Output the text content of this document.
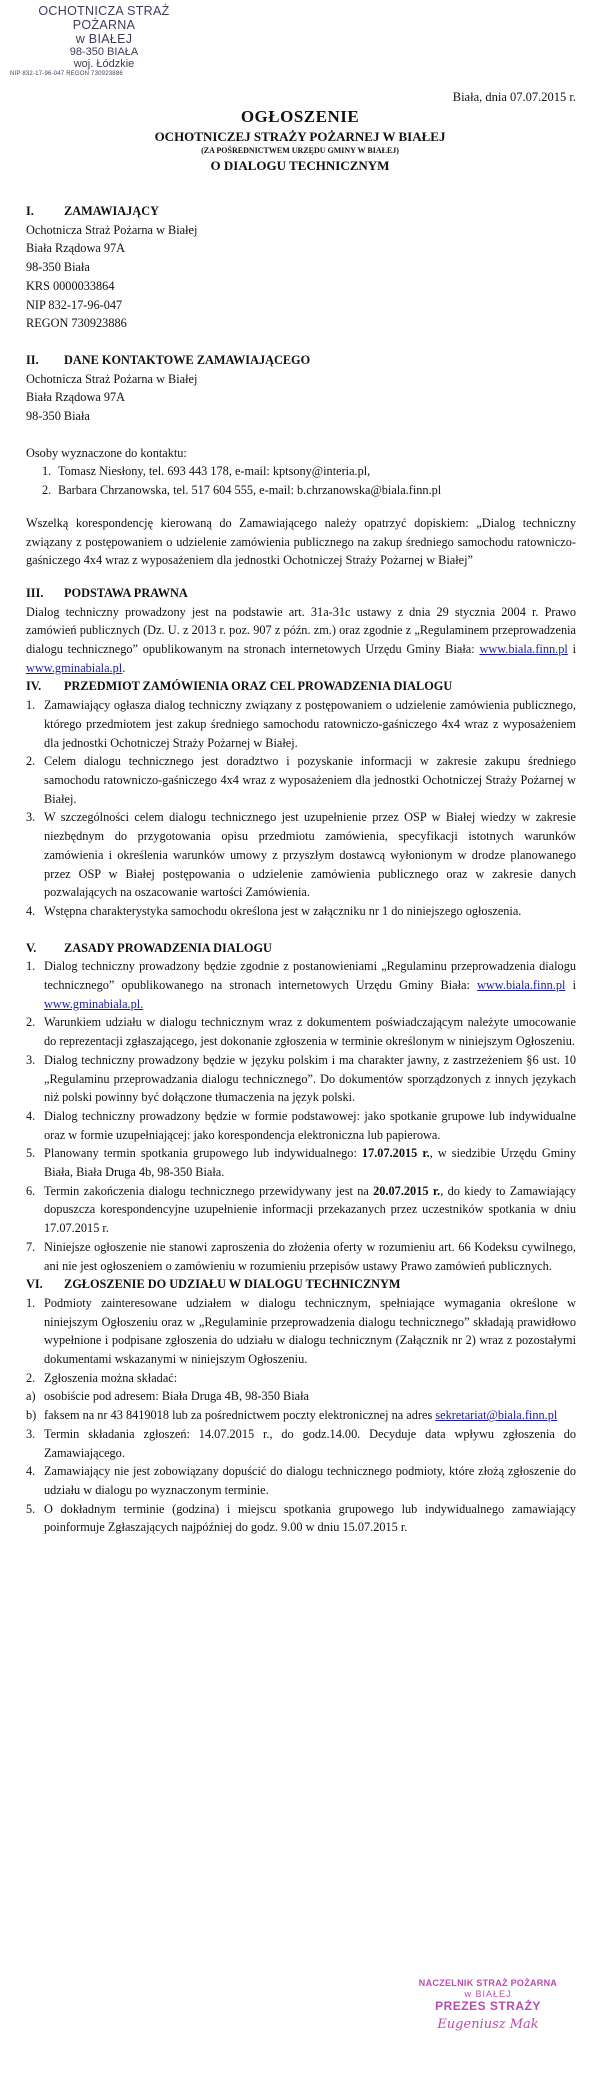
OCHOTNICZA STRAŻ POŻARNA
w BIAŁEJ
98-350 BIAŁA
woj. Łódzkie
NIP 832-17-96-047 REGON 730923886
Biała, dnia 07.07.2015 r.
OGŁOSZENIE
OCHOTNICZEJ STRAŻY POŻARNEJ W BIAŁEJ
(ZA POŚREDNICTWEM URZĘDU GMINY W BIAŁEJ)
O DIALOGU TECHNICZNYM
I.	ZAMAWIAJĄCY
Ochotnicza Straż Pożarna w Białej
Biała Rządowa 97A
98-350 Biała
KRS 0000033864
NIP 832-17-96-047
REGON 730923886
II.	DANE KONTAKTOWE ZAMAWIAJĄCEGO
Ochotnicza Straż Pożarna w Białej
Biała Rządowa 97A
98-350 Biała
Osoby wyznaczone do kontaktu:
1. Tomasz Niesłony, tel. 693 443 178, e-mail: kptsony@interia.pl,
2. Barbara Chrzanowska, tel. 517 604 555, e-mail: b.chrzanowska@biala.finn.pl
Wszelką korespondencję kierowaną do Zamawiającego należy opatrzyć dopiskiem: „Dialog techniczny związany z postępowaniem o udzielenie zamówienia publicznego na zakup średniego samochodu ratowniczo-gaśniczego 4x4 wraz z wyposażeniem dla jednostki Ochotniczej Straży Pożarnej w Białej”
III.	PODSTAWA PRAWNA
Dialog techniczny prowadzony jest na podstawie art. 31a-31c ustawy z dnia 29 stycznia 2004 r. Prawo zamówień publicznych (Dz. U. z 2013 r. poz. 907 z późn. zm.) oraz zgodnie z „Regulaminem przeprowadzenia dialogu technicznego” opublikowanym na stronach internetowych Urzędu Gminy Biała: www.biala.finn.pl i www.gminabiala.pl.
IV.	PRZEDMIOT ZAMÓWIENIA ORAZ CEL PROWADZENIA DIALOGU
1. Zamawiający ogłasza dialog techniczny związany z postępowaniem o udzielenie zamówienia publicznego, którego przedmiotem jest zakup średniego samochodu ratowniczo-gaśniczego 4x4 wraz z wyposażeniem dla jednostki Ochotniczej Straży Pożarnej w Białej.
2. Celem dialogu technicznego jest doradztwo i pozyskanie informacji w zakresie zakupu średniego samochodu ratowniczo-gaśniczego 4x4 wraz z wyposażeniem dla jednostki Ochotniczej Straży Pożarnej w Białej.
3. W szczególności celem dialogu technicznego jest uzupełnienie przez OSP w Białej wiedzy w zakresie niezbędnym do przygotowania opisu przedmiotu zamówienia, specyfikacji istotnych warunków zamówienia i określenia warunków umowy z przyszłym dostawcą wyłonionym w drodze planowanego przez OSP w Białej postępowania o udzielenie zamówienia publicznego oraz w zakresie danych pozwalających na oszacowanie wartości Zamówienia.
4. Wstępna charakterystyka samochodu określona jest w załączniku nr 1 do niniejszego ogłoszenia.
V.	ZASADY PROWADZENIA DIALOGU
1. Dialog techniczny prowadzony będzie zgodnie z postanowieniami „Regulaminu przeprowadzenia dialogu technicznego” opublikowanego na stronach internetowych Urzędu Gminy Biała: www.biala.finn.pl i www.gminabiala.pl.
2. Warunkiem udziału w dialogu technicznym wraz z dokumentem poświadczającym należyte umocowanie do reprezentacji zgłaszającego, jest dokonanie zgłoszenia w terminie określonym w niniejszym Ogłoszeniu.
3. Dialog techniczny prowadzony będzie w języku polskim i ma charakter jawny, z zastrzeżeniem §6 ust. 10 „Regulaminu przeprowadzania dialogu technicznego”. Do dokumentów sporządzonych z innych językach niż polski powinny być dołączone tłumaczenia na język polski.
4. Dialog techniczny prowadzony będzie w formie podstawowej: jako spotkanie grupowe lub indywidualne oraz w formie uzupełniającej: jako korespondencja elektroniczna lub papierowa.
5. Planowany termin spotkania grupowego lub indywidualnego: 17.07.2015 r., w siedzibie Urzędu Gminy Biała, Biała Druga 4b, 98-350 Biała.
6. Termin zakończenia dialogu technicznego przewidywany jest na 20.07.2015 r., do kiedy to Zamawiający dopuszcza korespondencyjne uzupełnienie informacji przekazanych przez uczestników spotkania w dniu 17.07.2015 r.
7. Niniejsze ogłoszenie nie stanowi zaproszenia do złożenia oferty w rozumieniu art. 66 Kodeksu cywilnego, ani nie jest ogłoszeniem o zamówieniu w rozumieniu przepisów ustawy Prawo zamówień publicznych.
VI.	ZGŁOSZENIE DO UDZIAŁU W DIALOGU TECHNICZNYM
1. Podmioty zainteresowane udziałem w dialogu technicznym, spełniające wymagania określone w niniejszym Ogłoszeniu oraz w „Regulaminie przeprowadzenia dialogu technicznego” składają prawidłowo wypełnione i podpisane zgłoszenia do udziału w dialogu technicznym (Załącznik nr 2) wraz z pozostałymi dokumentami wskazanymi w niniejszym Ogłoszeniu.
2. Zgłoszenia można składać:
a) osobiście pod adresem: Biała Druga 4B, 98-350 Biała
b) faksem na nr 43 8419018 lub za pośrednictwem poczty elektronicznej na adres sekretariat@biala.finn.pl
3. Termin składania zgłoszeń: 14.07.2015 r., do godz.14.00. Decyduje data wpływu zgłoszenia do Zamawiającego.
4. Zamawiający nie jest zobowiązany dopuścić do dialogu technicznego podmioty, które złożą zgłoszenie do udziału w dialogu po wyznaczonym terminie.
5. O dokładnym terminie (godzina) i miejscu spotkania grupowego lub indywidualnego zamawiający poinformuje Zgłaszających najpóźniej do godz. 9.00 w dniu 15.07.2015 r.
NACZELNIK STRAŻ POŻARNA
w BIAŁEJ
PREZES STRAŻY
Eugeniusz Mak
